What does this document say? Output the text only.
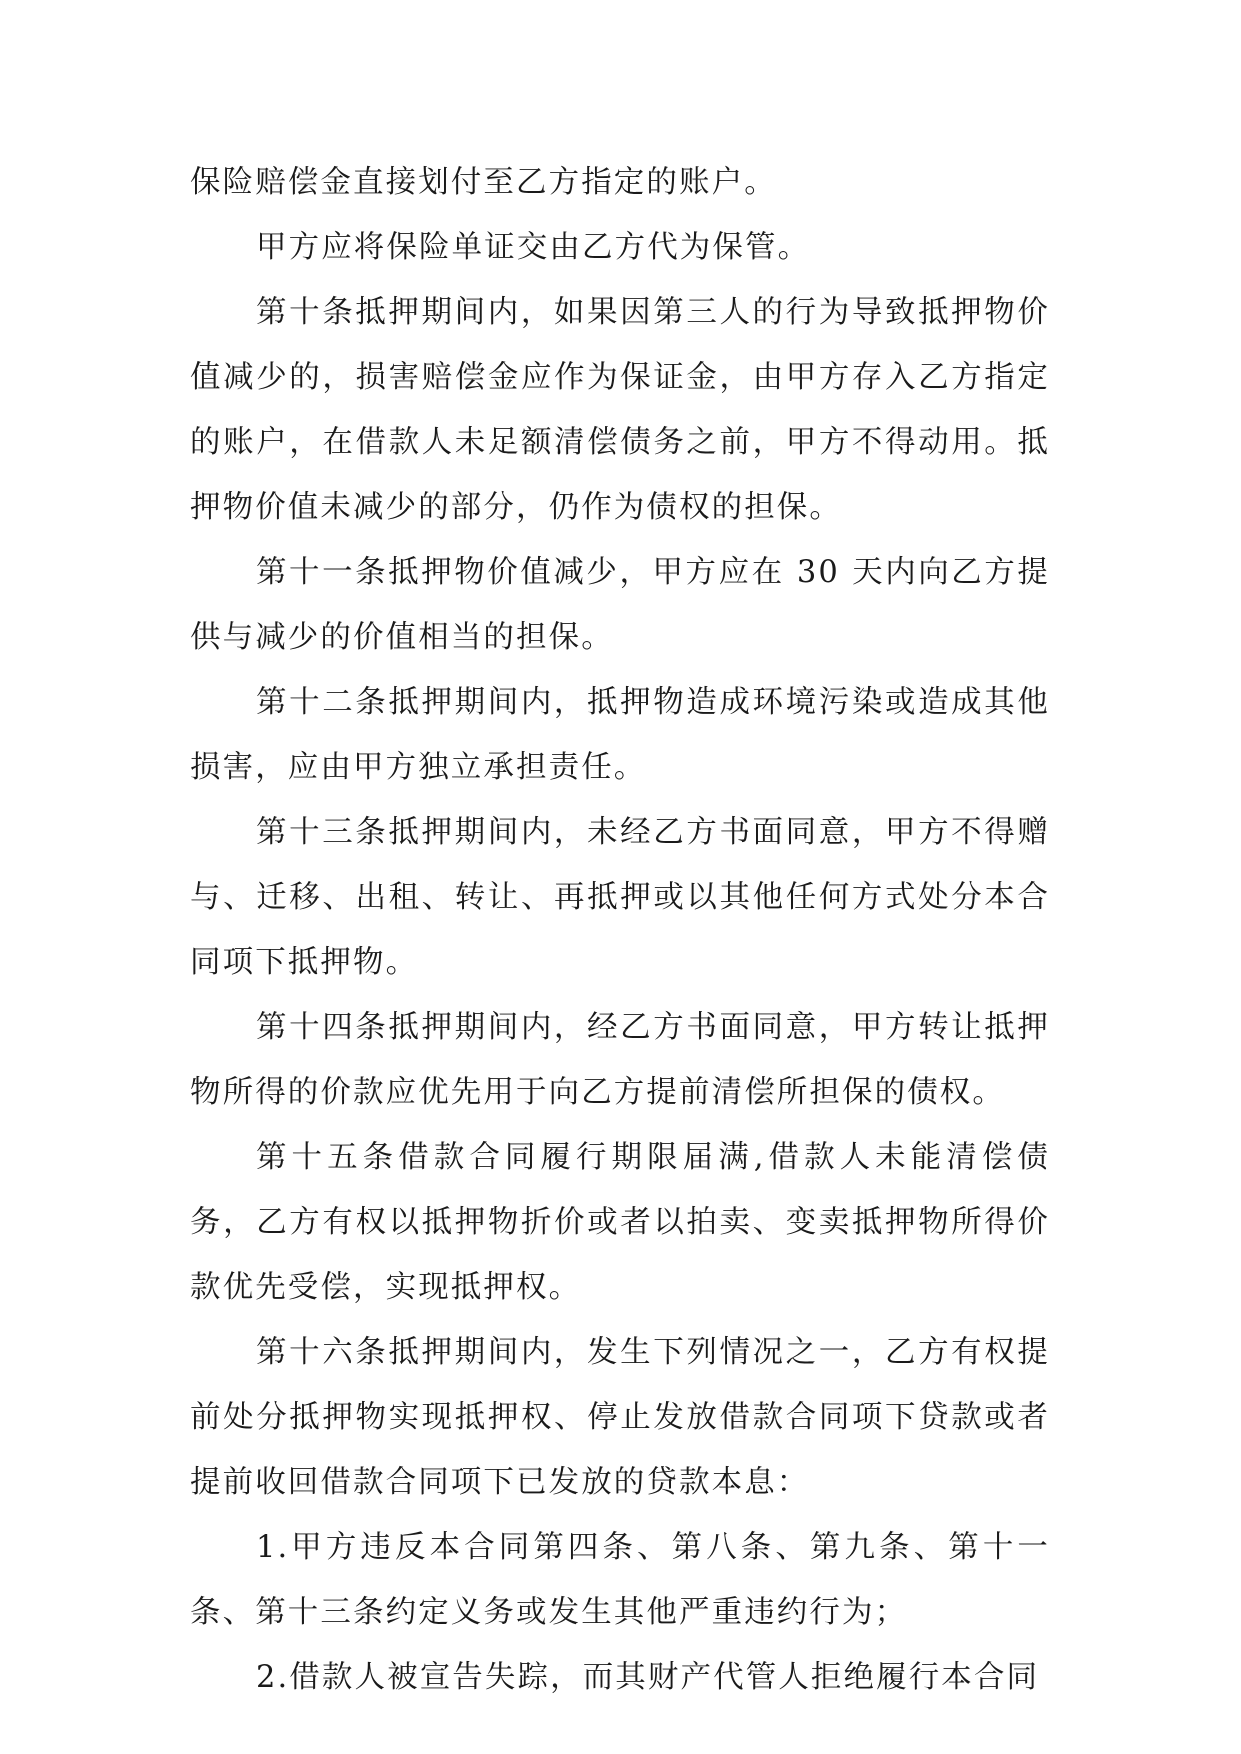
保险赔偿金直接划付至乙方指定的账户。

甲方应将保险单证交由乙方代为保管。

第十条抵押期间内，如果因第三人的行为导致抵押物价值减少的，损害赔偿金应作为保证金，由甲方存入乙方指定的账户，在借款人未足额清偿债务之前，甲方不得动用。抵押物价值未减少的部分，仍作为债权的担保。

第十一条抵押物价值减少，甲方应在 30 天内向乙方提供与减少的价值相当的担保。

第十二条抵押期间内，抵押物造成环境污染或造成其他损害，应由甲方独立承担责任。

第十三条抵押期间内，未经乙方书面同意，甲方不得赠与、迁移、出租、转让、再抵押或以其他任何方式处分本合同项下抵押物。

第十四条抵押期间内，经乙方书面同意，甲方转让抵押物所得的价款应优先用于向乙方提前清偿所担保的债权。

第十五条借款合同履行期限届满,借款人未能清偿债务，乙方有权以抵押物折价或者以拍卖、变卖抵押物所得价款优先受偿，实现抵押权。

第十六条抵押期间内，发生下列情况之一，乙方有权提前处分抵押物实现抵押权、停止发放借款合同项下贷款或者提前收回借款合同项下已发放的贷款本息：

1.甲方违反本合同第四条、第八条、第九条、第十一条、第十三条约定义务或发生其他严重违约行为；

2.借款人被宣告失踪，而其财产代管人拒绝履行本合同
